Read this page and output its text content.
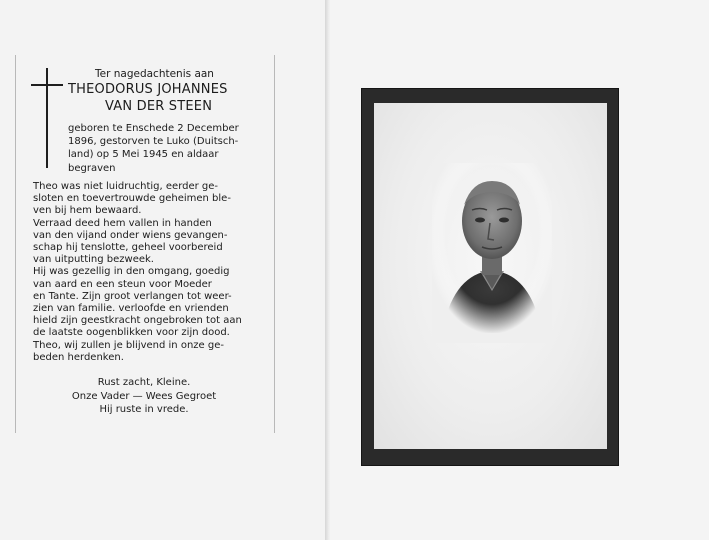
Ter nagedachtenis aan

THEODORUS JOHANNES

VAN DER STEEN

geboren te Enschede 2 December
1896, gestorven te Luko (Duitsch-
land) op 5 Mei 1945 en aldaar
begraven
Theo was niet luidruchtig, eerder ge-
sloten en toevertrouwde geheimen ble-
ven bij hem bewaard.
Verraad deed hem vallen in handen
van den vijand onder wiens gevangen-
schap hij tenslotte, geheel voorbereid
van uitputting bezweek.
Hij was gezellig in den omgang, goedig
van aard en een steun voor Moeder
en Tante. Zijn groot verlangen tot weer-
zien van familie. verloofde en vrienden
hield zijn geestkracht ongebroken tot aan
de laatste oogenblikken voor zijn dood.
Theo, wij zullen je blijvend in onze ge-
beden herdenken.
Rust zacht, Kleine.
Onze Vader — Wees Gegroet
Hij ruste in vrede.
